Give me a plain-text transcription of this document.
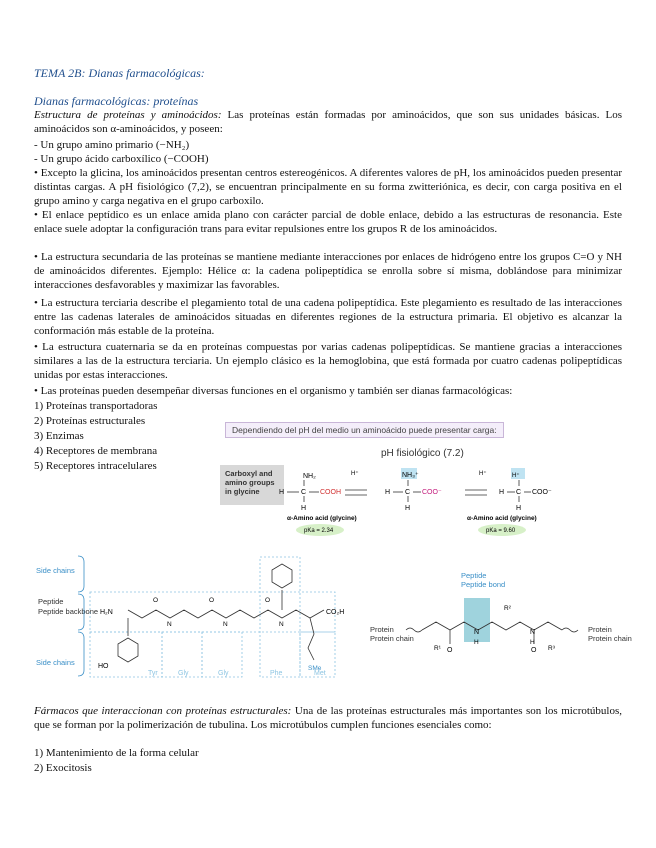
TEMA 2B: Dianas farmacológicas:
Dianas farmacológicas: proteínas
Estructura de proteínas y aminoácidos: Las proteínas están formadas por aminoácidos, que son sus unidades básicas. Los aminoácidos son α-aminoácidos, y poseen:
- Un grupo amino primario (−NH₂)
- Un grupo ácido carboxílico (−COOH)
• Excepto la glicina, los aminoácidos presentan centros estereogénicos. A diferentes valores de pH, los aminoácidos pueden presentar distintas cargas. A pH fisiológico (7,2), se encuentran principalmente en su forma zwitteriónica, es decir, con carga positiva en el grupo amino y carga negativa en el grupo carboxilo.
• El enlace peptídico es un enlace amida plano con carácter parcial de doble enlace, debido a las estructuras de resonancia. Este enlace suele adoptar la configuración trans para evitar repulsiones entre los grupos R de los aminoácidos.
• La estructura secundaria de las proteínas se mantiene mediante interacciones por enlaces de hidrógeno entre los grupos C=O y NH de aminoácidos diferentes. Ejemplo: Hélice α: la cadena polipeptídica se enrolla sobre sí misma, doblándose para minimizar interacciones desfavorables y maximizar las favorables.
• La estructura terciaria describe el plegamiento total de una cadena polipeptídica. Este plegamiento es resultado de las interacciones entre las cadenas laterales de aminoácidos situadas en diferentes regiones de la estructura primaria. El objetivo es alcanzar la conformación más estable de la proteína.
• La estructura cuaternaria se da en proteínas compuestas por varias cadenas polipeptídicas. Se mantiene gracias a interacciones similares a las de la estructura terciaria. Un ejemplo clásico es la hemoglobina, que está formada por cuatro cadenas polipeptídicas unidas por estas interacciones.
• Las proteínas pueden desempeñar diversas funciones en el organismo y también ser dianas farmacológicas:
1) Proteínas transportadoras
2) Proteínas estructurales
3) Enzimas
4) Receptores de membrana
5) Receptores intracelulares
Dependiendo del pH del medio un aminoácido puede presentar carga:
pH fisiológico (7.2)
Carboxyl and amino groups in glycine
NH₂
H C COOH
H
H⁺	NH₃⁺
H C COO⁻
H
H⁺	H⁺
H C COO⁻
H
α-Amino acid (glycine)
pKa = 2.34
α-Amino acid (glycine)
pKa = 9.60
Side chains
Peptide
Peptide backbone
Side chains
H₂N	CO₂H
N	N	N
O	O	O
HO	SMe
Tyr	Gly	Gly	Phe	Met
Peptide
Peptide bond
Protein
Protein chain
Protein
Protein chain
O	O
N
H
N
H
R¹
R²
R³
Fármacos que interaccionan con proteínas estructurales: Una de las proteínas estructurales más importantes son los microtúbulos, que se forman por la polimerización de tubulina. Los microtúbulos cumplen funciones esenciales como:
1) Mantenimiento de la forma celular
2) Exocitosis
